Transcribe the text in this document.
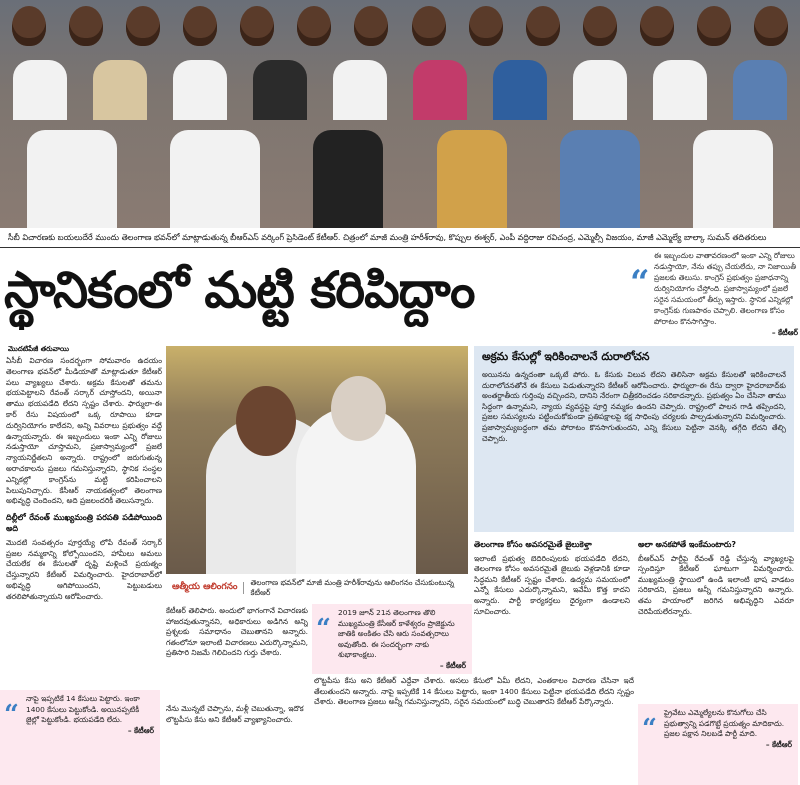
సీబీ విచారణకు బయలుదేరే ముందు తెలంగాణ భవన్‌లో మాట్లాడుతున్న బీఆర్ఎస్ వర్కింగ్ ప్రెసిడెంట్ కేటీఆర్. చిత్రంలో మాజీ మంత్రి హరీశ్‌రావు, కొప్పుల ఈశ్వర్, ఎంపీ వద్దిరాజు రవిచంద్ర, ఎమ్మెల్సీ విజయం, మాజీ ఎమ్మెల్యే బాల్కా సుమన్ తదితరులు
స్థానికంలో మట్టి కరిపిద్దాం	“
ఈ ఇబ్బందుల వాతావరణంలో ఇంకా ఎన్ని రోజులు నడుస్తాయో, నేను తప్పు చేయలేదు, నా నిజాయితీ ప్రజలకు తెలుసు. కాంగ్రెస్ ప్రభుత్వం ప్రజాధనాన్ని దుర్వినియోగం చేస్తోంది. ప్రజాస్వామ్యంలో ప్రజలే సరైన సమయంలో తీర్పు ఇస్తారు. స్థానిక ఎన్నికల్లో కాంగ్రెస్‌కు గుణపాఠం చెప్పాలి. తెలంగాణ కోసం పోరాటం కొనసాగిస్తాం.
– కేటీఆర్
మొదటిపేజీ తరువాయి
ఏసీబీ విచారణ సందర్భంగా సోమవారం ఉదయం తెలంగాణ భవన్‌లో మీడియాతో మాట్లాడుతూ కేటీఆర్ పలు వ్యాఖ్యలు చేశారు. అక్రమ కేసులతో తమను భయపెట్టాలని రేవంత్ సర్కార్ చూస్తోందని, అయినా తాము భయపడేది లేదని స్పష్టం చేశారు. ఫార్ములా-ఈ కార్ రేసు విషయంలో ఒక్క రూపాయి కూడా దుర్వినియోగం కాలేదని, అన్ని వివరాలు ప్రభుత్వం వద్దే ఉన్నాయన్నారు. ఈ ఇబ్బందులు ఇంకా ఎన్ని రోజులు నడుస్తాయో చూస్తామని, ప్రజాస్వామ్యంలో ప్రజలే న్యాయనిర్ణేతలని అన్నారు. రాష్ట్రంలో జరుగుతున్న అరాచకాలను ప్రజలు గమనిస్తున్నారని, స్థానిక సంస్థల ఎన్నికల్లో కాంగ్రెస్‌ను మట్టి కరిపించాలని పిలుపునిచ్చారు. కేసీఆర్ నాయకత్వంలో తెలంగాణ అభివృద్ధి చెందిందని, అది ప్రజలందరికీ తెలుసన్నారు.
దిల్లీలో రేవంత్‌ ముఖ్యమంత్రి పరపతి పడిపోయింది అది
మొదటి సంవత్సరం పూర్తయ్యే లోపే రేవంత్ సర్కార్ ప్రజల నమ్మకాన్ని కోల్పోయిందని, హామీలు అమలు చేయలేక ఈ కేసులతో దృష్టి మళ్లించే ప్రయత్నం చేస్తున్నారని కేటీఆర్ విమర్శించారు. హైదరాబాద్‌లో అభివృద్ధి ఆగిపోయిందని, పెట్టుబడులు తరలిపోతున్నాయని ఆరోపించారు.
ఆత్మీయ ఆలింగనం	తెలంగాణ భవన్‌లో మాజీ మంత్రి హరీశ్‌రావును ఆలింగనం చేసుకుంటున్న కేటీఆర్
అక్రమ కేసుల్లో ఇరికించాలనే దురాలోచన
అయినను ఉన్నదంతా ఒక్కటే పోరు. ఓ కేసుకు విలువ లేదని తెలిసినా అక్రమ కేసులతో ఇరికించాలనే దురాలోచనతోనే ఈ కేసులు పెడుతున్నారని కేటీఆర్ ఆరోపించారు. ఫార్ములా-ఈ రేసు ద్వారా హైదరాబాద్‌కు అంతర్జాతీయ గుర్తింపు వచ్చిందని, దానిని నేరంగా చిత్రీకరించడం సరికాదన్నారు. ప్రభుత్వం ఏం చేసినా తాము సిద్ధంగా ఉన్నామని, న్యాయ వ్యవస్థపై పూర్తి నమ్మకం ఉందని చెప్పారు. రాష్ట్రంలో పాలన గాడి తప్పిందని, ప్రజల సమస్యలను పట్టించుకోకుండా ప్రతిపక్షాలపై కక్ష సాధింపు చర్యలకు పాల్పడుతున్నారని విమర్శించారు. ప్రజాస్వామ్యబద్ధంగా తమ పోరాటం కొనసాగుతుందని, ఎన్ని కేసులు పెట్టినా వెనక్కి తగ్గేది లేదని తేల్చి చెప్పారు.
తెలంగాణ కోసం అవసరమైతే జైలుకెళ్తా
ఇలాంటి ప్రభుత్వ బెదిరింపులకు భయపడేది లేదని, తెలంగాణ కోసం అవసరమైతే జైలుకు వెళ్లడానికి కూడా సిద్ధమని కేటీఆర్ స్పష్టం చేశారు. ఉద్యమ సమయంలో ఎన్నో కేసులు ఎదుర్కొన్నామని, ఇవేమీ కొత్త కాదని అన్నారు. పార్టీ కార్యకర్తలు ధైర్యంగా ఉండాలని సూచించారు.
అలా అనకపోతే ఇంకేమంటారు?
బీఆర్ఎస్ పార్టీపై రేవంత్ రెడ్డి చేస్తున్న వ్యాఖ్యలపై స్పందిస్తూ కేటీఆర్ ఘాటుగా విమర్శించారు. ముఖ్యమంత్రి స్థాయిలో ఉండి ఇలాంటి భాష వాడటం సరికాదని, ప్రజలు అన్నీ గమనిస్తున్నారని అన్నారు. తమ హయాంలో జరిగిన అభివృద్ధిని ఎవరూ చెరిపేయలేరన్నారు.
కేటీఆర్ తెలిపారు. అందులో భాగంగానే విచారణకు హాజరవుతున్నానని, అధికారులు అడిగిన అన్ని ప్రశ్నలకు సమాధానం చెబుతానని అన్నారు. గతంలోనూ ఇలాంటి విచారణలు ఎదుర్కొన్నామని, ప్రతిసారి నిజమే గెలిచిందని గుర్తు చేశారు.
“
2019 జూన్ 21న తెలంగాణ తొలి ముఖ్యమంత్రి కేసీఆర్ కాళేశ్వరం ప్రాజెక్టును జాతికి అంకితం చేసి ఆరు సంవత్సరాలు అవుతోంది. ఈ సందర్భంగా నాకు శుభాకాంక్షలు.
– కేటీఆర్
“
నాపై ఇప్పటికే 14 కేసులు పెట్టారు. ఇంకా 1400 కేసులు పెట్టుకోండి. అయినప్పటికీ జైల్లో పెట్టుకోండి. భయపడేది లేదు.
– కేటీఆర్	“
ప్రైవేటు ఎమ్మెల్యేలను కొనుగోలు చేసి ప్రభుత్వాన్ని పడగొట్టే ప్రయత్నం మాదికాదు. ప్రజల పక్షాన నిలబడే పార్టీ మాది.
– కేటీఆర్
నేను మొన్నటే చెప్పాను, మళ్లీ చెబుతున్నా, ఇదొక లొట్టపీసు కేసు అని కేటీఆర్ వ్యాఖ్యానించారు.
లొట్టపీసు కేసు అని కేటీఆర్ ఎద్దేవా చేశారు. అసలు కేసులో ఏమీ లేదని, ఎంతకాలం విచారణ చేసినా ఇదే తేలుతుందని అన్నారు. నాపై ఇప్పటికే 14 కేసులు పెట్టారు, ఇంకా 1400 కేసులు పెట్టినా భయపడేది లేదని స్పష్టం చేశారు. తెలంగాణ ప్రజలు అన్నీ గమనిస్తున్నారని, సరైన సమయంలో బుద్ధి చెబుతారని కేటీఆర్ పేర్కొన్నారు.
